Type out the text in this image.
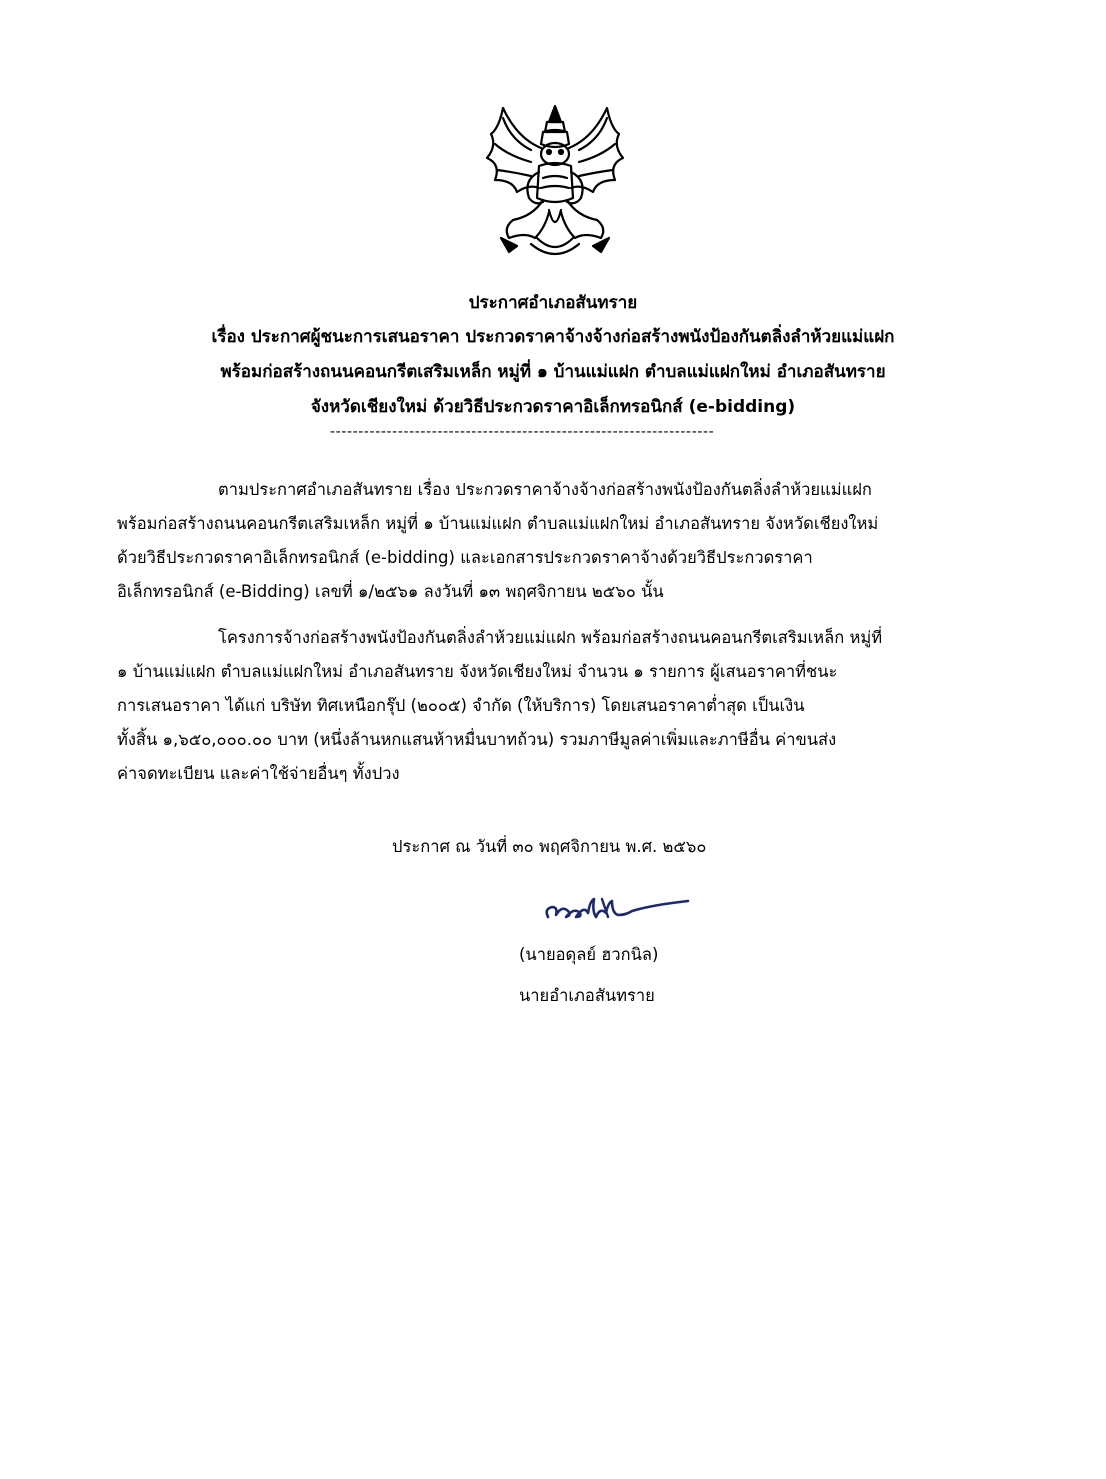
ประกาศอำเภอสันทราย
เรื่อง ประกาศผู้ชนะการเสนอราคา ประกวดราคาจ้างจ้างก่อสร้างพนังป้องกันตลิ่งลำห้วยแม่แฝก
พร้อมก่อสร้างถนนคอนกรีตเสริมเหล็ก หมู่ที่ ๑ บ้านแม่แฝก ตำบลแม่แฝกใหม่ อำเภอสันทราย
จังหวัดเชียงใหม่ ด้วยวิธีประกวดราคาอิเล็กทรอนิกส์ (e-bidding)
--------------------------------------------------------------------
ตามประกาศอำเภอสันทราย เรื่อง ประกวดราคาจ้างจ้างก่อสร้างพนังป้องกันตลิ่งลำห้วยแม่แฝก
พร้อมก่อสร้างถนนคอนกรีตเสริมเหล็ก หมู่ที่ ๑ บ้านแม่แฝก ตำบลแม่แฝกใหม่ อำเภอสันทราย จังหวัดเชียงใหม่
ด้วยวิธีประกวดราคาอิเล็กทรอนิกส์ (e-bidding) และเอกสารประกวดราคาจ้างด้วยวิธีประกวดราคา
อิเล็กทรอนิกส์ (e-Bidding) เลขที่ ๑/๒๕๖๑ ลงวันที่ ๑๓ พฤศจิกายน ๒๕๖๐ นั้น
โครงการจ้างก่อสร้างพนังป้องกันตลิ่งลำห้วยแม่แฝก พร้อมก่อสร้างถนนคอนกรีตเสริมเหล็ก หมู่ที่
๑ บ้านแม่แฝก ตำบลแม่แฝกใหม่ อำเภอสันทราย จังหวัดเชียงใหม่ จำนวน ๑ รายการ ผู้เสนอราคาที่ชนะ
การเสนอราคา ได้แก่ บริษัท ทิศเหนือกรุ๊ป (๒๐๐๕) จำกัด (ให้บริการ) โดยเสนอราคาต่ำสุด เป็นเงิน
ทั้งสิ้น ๑,๖๕๐,๐๐๐.๐๐ บาท (หนึ่งล้านหกแสนห้าหมื่นบาทถ้วน) รวมภาษีมูลค่าเพิ่มและภาษีอื่น ค่าขนส่ง
ค่าจดทะเบียน และค่าใช้จ่ายอื่นๆ ทั้งปวง
ประกาศ ณ วันที่ ๓๐ พฤศจิกายน พ.ศ. ๒๕๖๐
(นายอดุลย์ ฮวกนิล)
นายอำเภอสันทราย
